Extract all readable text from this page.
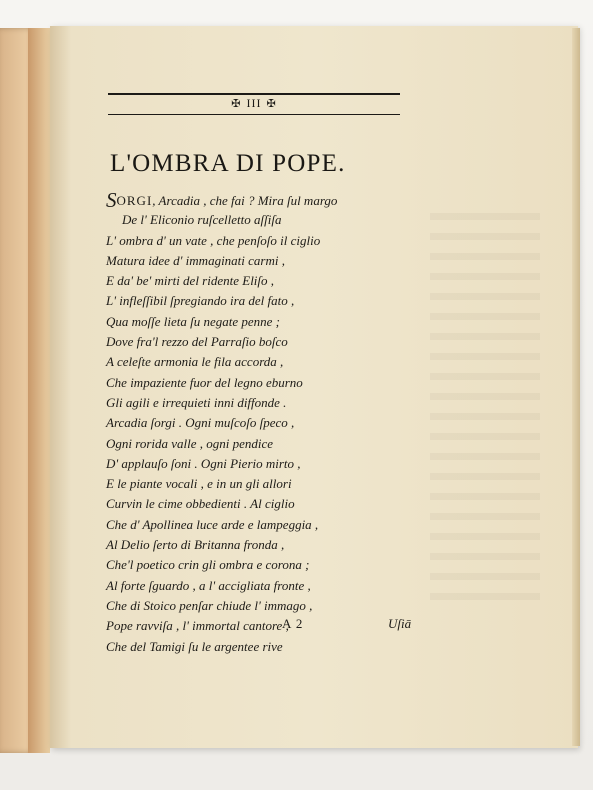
✠ III ✠
L'OMBRA DI POPE.
SORGI, Arcadia , che fai ? Mira ſul margo
De l' Eliconio ruſcelletto aſſiſa
L' ombra d' un vate , che penſoſo il ciglio
Matura idee d' immaginati carmi ,
E da' be' mirti del ridente Eliſo ,
L' infleſſibil ſpregiando ira del fato ,
Qua moſſe lieta ſu negate penne ;
Dove fra'l rezzo del Parraſio boſco
A celeſte armonia le fila accorda ,
Che impaziente fuor del legno eburno
Gli agili e irrequieti inni diffonde .
Arcadia ſorgi . Ogni muſcoſo ſpeco ,
Ogni rorida valle , ogni pendice
D' applauſo ſoni . Ogni Pierio mirto ,
E le piante vocali , e in un gli allori
Curvin le cime obbedienti . Al ciglio
Che d' Apollinea luce arde e lampeggia ,
Al Delio ſerto di Britanna fronda ,
Che'l poetico crin gli ombra e corona ;
Al forte ſguardo , a l' accigliata fronte ,
Che di Stoico penſar chiude l' immago ,
Pope ravviſa , l' immortal cantore ,
Che del Tamigi ſu le argentee rive
A 2	Uſiā
